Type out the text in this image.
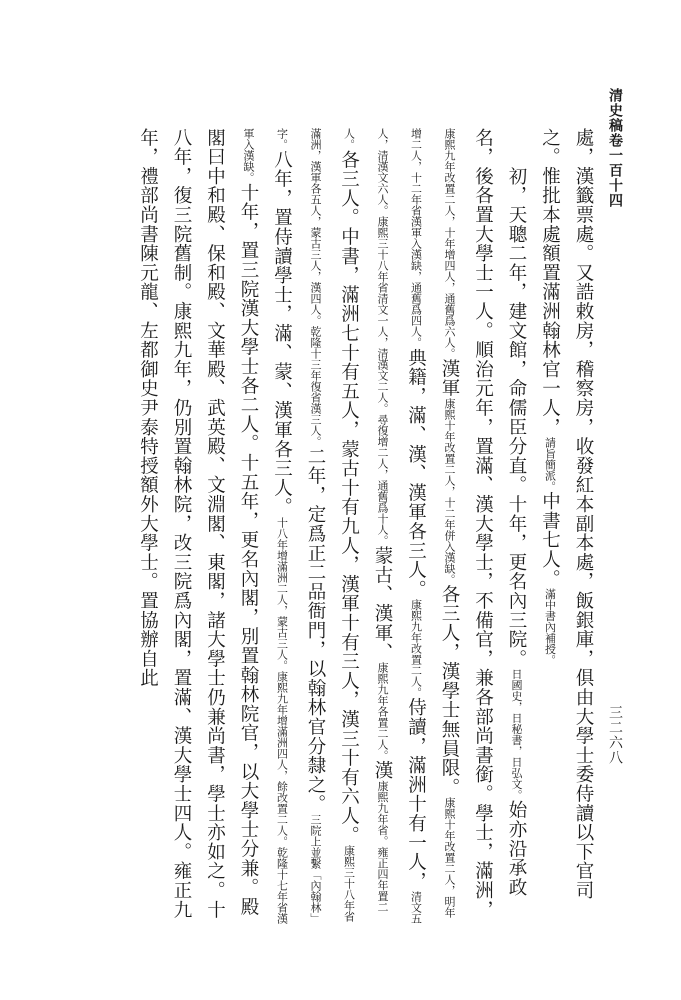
清史稿卷一百十四
三二六八
處，漢籤票處。又誥敕房，稽察房，收發紅本副本處，飯銀庫，俱由大學士委侍讀以下官司之。惟批本處額置滿洲翰林官一人，請旨簡派。中書七人。滿中書內補授。
　　初，天聰二年，建文館，命儒臣分直。十年，更名內三院。日國史，日秘書，日弘文。始亦沿承政名，後各置大學士一人。順治元年，置滿、漢大學士，不備官，兼各部尚書銜。學士，滿洲，康熙九年改置二人，十年增四人，通舊爲六人。漢軍康熙十年改置二人，十二年併入漢缺。各三人，漢學士無員限。康熙十年改置二人，明年增二人，十二年省漢軍入漢缺，通舊爲四人。典籍，滿、漢、漢軍各三人。康熙九年改置二人。侍讀，滿洲十有一人，清文五人，清漢文六人。康熙三十八年省清文一人，清漢文二人。尋復增二人，通舊爲十人。蒙古、漢軍、康熙九年各置二人。漢康熙九年省。雍正四年置二人。各三人。中書，滿洲七十有五人，蒙古十有九人，漢軍十有三人，漢三十有六人。康熙三十八年省滿洲，漢軍各五人，蒙古三人，漢四人。乾隆十三年復省漢三人。二年，定爲正二品衙門，以翰林官分隸之。三院上並繫「內翰林」字。八年，置侍讀學士，滿、蒙、漢軍各三人。十八年增滿洲二人，蒙古三人。康熙九年增滿洲四人，餘改置二人。乾隆十七年省漢軍入漢缺。十年，置三院漢大學士各二人。十五年，更名內閣，別置翰林院官，以大學士分兼。殿閣曰中和殿、保和殿、文華殿、武英殿、文淵閣、東閣，諸大學士仍兼尚書，學士亦如之。十八年，復三院舊制。康熙九年，仍別置翰林院，改三院爲內閣，置滿、漢大學士四人。雍正九年，禮部尚書陳元龍、左都御史尹泰特授額外大學士。置協辦自此
